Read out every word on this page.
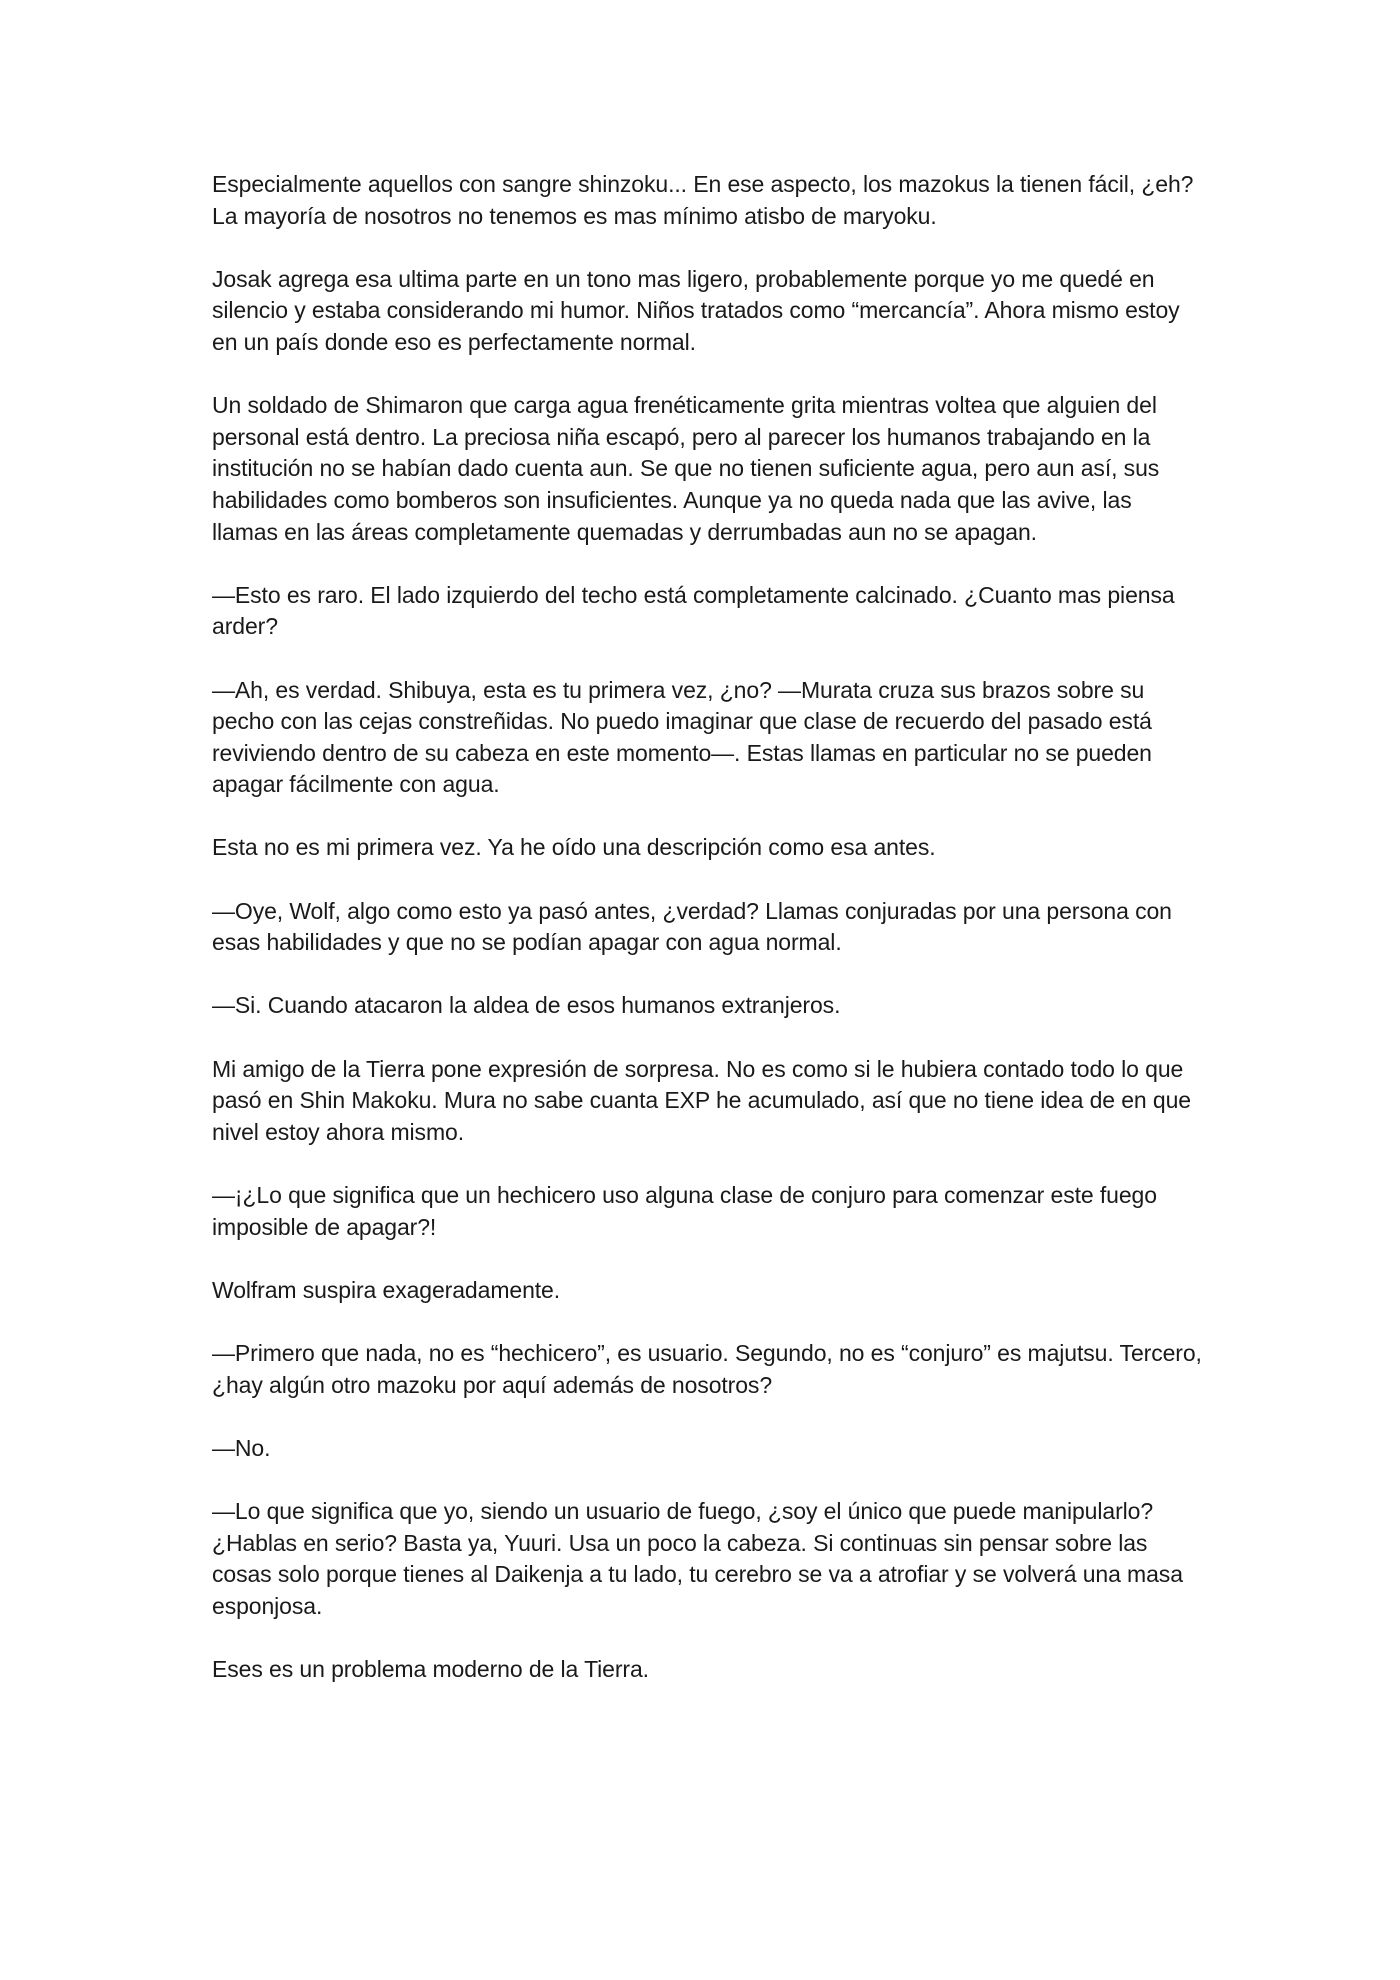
Especialmente aquellos con sangre shinzoku... En ese aspecto, los mazokus la tienen fácil, ¿eh? La mayoría de nosotros no tenemos es mas mínimo atisbo de maryoku.

Josak agrega esa ultima parte en un tono mas ligero, probablemente porque yo me quedé en silencio y estaba considerando mi humor. Niños tratados como “mercancía”. Ahora mismo estoy en un país donde eso es perfectamente normal.

Un soldado de Shimaron que carga agua frenéticamente grita mientras voltea que alguien del personal está dentro. La preciosa niña escapó, pero al parecer los humanos trabajando en la institución no se habían dado cuenta aun. Se que no tienen suficiente agua, pero aun así, sus habilidades como bomberos son insuficientes. Aunque ya no queda nada que las avive, las llamas en las áreas completamente quemadas y derrumbadas aun no se apagan.

—Esto es raro. El lado izquierdo del techo está completamente calcinado. ¿Cuanto mas piensa arder?

—Ah, es verdad. Shibuya, esta es tu primera vez, ¿no? —Murata cruza sus brazos sobre su pecho con las cejas constreñidas. No puedo imaginar que clase de recuerdo del pasado está reviviendo dentro de su cabeza en este momento—. Estas llamas en particular no se pueden apagar fácilmente con agua.

Esta no es mi primera vez. Ya he oído una descripción como esa antes.

—Oye, Wolf, algo como esto ya pasó antes, ¿verdad? Llamas conjuradas por una persona con esas habilidades y que no se podían apagar con agua normal.

—Si. Cuando atacaron la aldea de esos humanos extranjeros.

Mi amigo de la Tierra pone expresión de sorpresa. No es como si le hubiera contado todo lo que pasó en Shin Makoku. Mura no sabe cuanta EXP he acumulado, así que no tiene idea de en que nivel estoy ahora mismo.

—¡¿Lo que significa que un hechicero uso alguna clase de conjuro para comenzar este fuego imposible de apagar?!

Wolfram suspira exageradamente.

—Primero que nada, no es “hechicero”, es usuario. Segundo, no es “conjuro” es majutsu. Tercero, ¿hay algún otro mazoku por aquí además de nosotros?

—No.

—Lo que significa que yo, siendo un usuario de fuego, ¿soy el único que puede manipularlo? ¿Hablas en serio? Basta ya, Yuuri. Usa un poco la cabeza. Si continuas sin pensar sobre las cosas solo porque tienes al Daikenja a tu lado, tu cerebro se va a atrofiar y se volverá una masa esponjosa.

Eses es un problema moderno de la Tierra.
